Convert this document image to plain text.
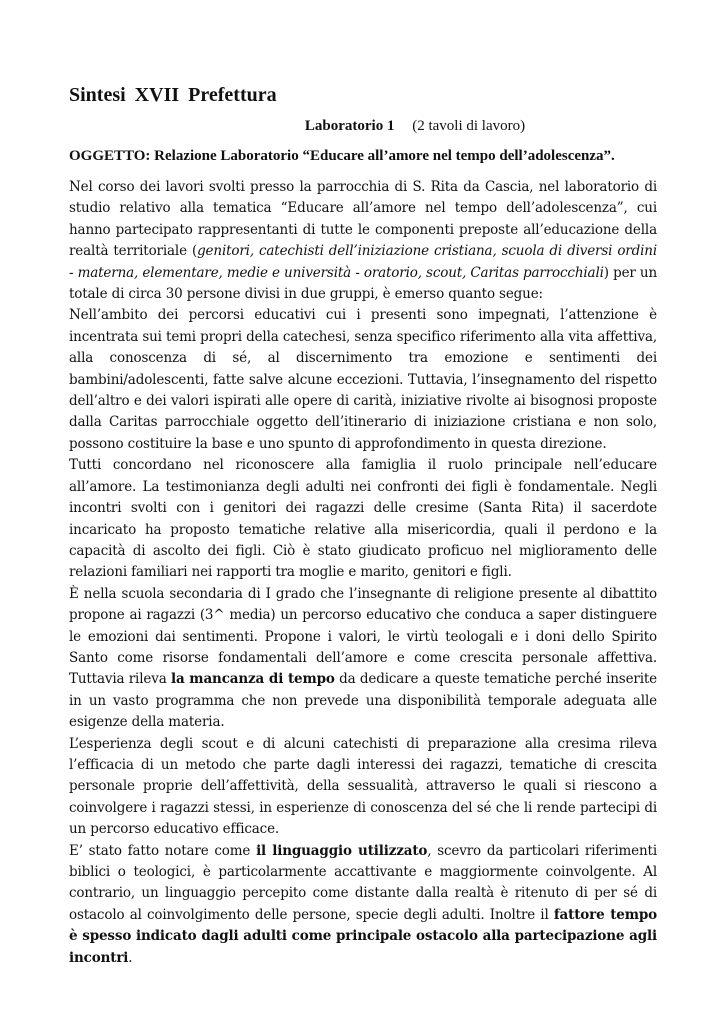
Sintesi XVII Prefettura
Laboratorio 1 (2 tavoli di lavoro)
OGGETTO: Relazione Laboratorio “Educare all’amore nel tempo dell’adolescenza”.

Nel corso dei lavori svolti presso la parrocchia di S. Rita da Cascia, nel laboratorio di studio relativo alla tematica “Educare all’amore nel tempo dell’adolescenza”, cui hanno partecipato rappresentanti di tutte le componenti preposte all’educazione della realtà territoriale (genitori, catechisti dell’iniziazione cristiana, scuola di diversi ordini - materna, elementare, medie e università - oratorio, scout, Caritas parrocchiali) per un totale di circa 30 persone divisi in due gruppi, è emerso quanto segue:

Nell’ambito dei percorsi educativi cui i presenti sono impegnati, l’attenzione è incentrata sui temi propri della catechesi, senza specifico riferimento alla vita affettiva, alla conoscenza di sé, al discernimento tra emozione e sentimenti dei bambini/adolescenti, fatte salve alcune eccezioni. Tuttavia, l’insegnamento del rispetto dell’altro e dei valori ispirati alle opere di carità, iniziative rivolte ai bisognosi proposte dalla Caritas parrocchiale oggetto dell’itinerario di iniziazione cristiana e non solo, possono costituire la base e uno spunto di approfondimento in questa direzione.

Tutti concordano nel riconoscere alla famiglia il ruolo principale nell’educare all’amore. La testimonianza degli adulti nei confronti dei figli è fondamentale. Negli incontri svolti con i genitori dei ragazzi delle cresime (Santa Rita) il sacerdote incaricato ha proposto tematiche relative alla misericordia, quali il perdono e la capacità di ascolto dei figli. Ciò è stato giudicato proficuo nel miglioramento delle relazioni familiari nei rapporti tra moglie e marito, genitori e figli.

È nella scuola secondaria di I grado che l’insegnante di religione presente al dibattito propone ai ragazzi (3^ media) un percorso educativo che conduca a saper distinguere le emozioni dai sentimenti. Propone i valori, le virtù teologali e i doni dello Spirito Santo come risorse fondamentali dell’amore e come crescita personale affettiva. Tuttavia rileva la mancanza di tempo da dedicare a queste tematiche perché inserite in un vasto programma che non prevede una disponibilità temporale adeguata alle esigenze della materia.

L’esperienza degli scout e di alcuni catechisti di preparazione alla cresima rileva l’efficacia di un metodo che parte dagli interessi dei ragazzi, tematiche di crescita personale proprie dell’affettività, della sessualità, attraverso le quali si riescono a coinvolgere i ragazzi stessi, in esperienze di conoscenza del sé che li rende partecipi di un percorso educativo efficace.

E’ stato fatto notare come il linguaggio utilizzato, scevro da particolari riferimenti biblici o teologici, è particolarmente accattivante e maggiormente coinvolgente. Al contrario, un linguaggio percepito come distante dalla realtà è ritenuto di per sé di ostacolo al coinvolgimento delle persone, specie degli adulti. Inoltre il fattore tempo è spesso indicato dagli adulti come principale ostacolo alla partecipazione agli incontri.
